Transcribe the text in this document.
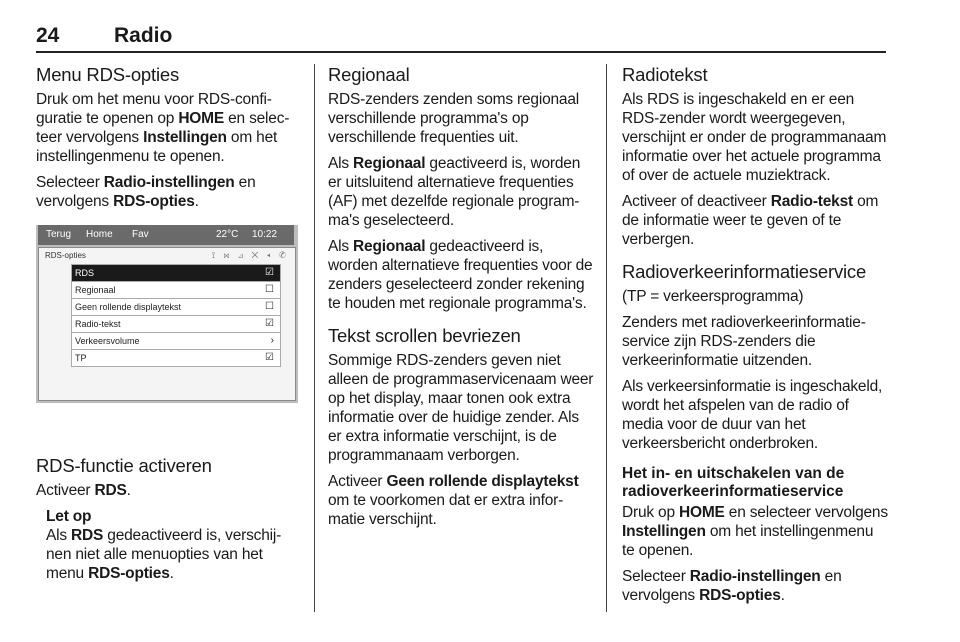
24	Radio
Menu RDS-opties

Druk om het menu voor RDS-configuratie te openen op HOME en selecteer vervolgens Instellingen om het instellingenmenu te openen.

Selecteer Radio-instellingen en vervolgens RDS-opties.

Terug Home Fav	22°C 10:22
RDS-opties	⟟ ⋈ ⊿ ✕ ◂ ✆
RDS	☑
Regionaal	☐
Geen rollende displaytekst	☐
Radio-tekst	☑
Verkeersvolume	›
TP	☑
RDS-functie activeren

Activeer RDS.

Let op

Als RDS gedeactiveerd is, verschijnen niet alle menuopties van het menu RDS-opties.

Regionaal

RDS-zenders zenden soms regionaal verschillende programma's op verschillende frequenties uit.

Als Regionaal geactiveerd is, worden er uitsluitend alternatieve frequenties (AF) met dezelfde regionale programma's geselecteerd.

Als Regionaal gedeactiveerd is, worden alternatieve frequenties voor de zenders geselecteerd zonder rekening te houden met regionale programma's.

Tekst scrollen bevriezen

Sommige RDS-zenders geven niet alleen de programmaservicenaam weer op het display, maar tonen ook extra informatie over de huidige zender. Als er extra informatie verschijnt, is de programmanaam verborgen.

Activeer Geen rollende displaytekst om te voorkomen dat er extra informatie verschijnt.

Radiotekst

Als RDS is ingeschakeld en er een RDS-zender wordt weergegeven, verschijnt er onder de programmanaam informatie over het actuele programma of over de actuele muziektrack.

Activeer of deactiveer Radio-tekst om de informatie weer te geven of te verbergen.

Radioverkeerinformatieservice

(TP = verkeersprogramma)

Zenders met radioverkeerinformatieservice zijn RDS-zenders die verkeerinformatie uitzenden.

Als verkeersinformatie is ingeschakeld, wordt het afspelen van de radio of media voor de duur van het verkeersbericht onderbroken.

Het in- en uitschakelen van de radioverkeerinformatieservice

Druk op HOME en selecteer vervolgens Instellingen om het instellingenmenu te openen.

Selecteer Radio-instellingen en vervolgens RDS-opties.
